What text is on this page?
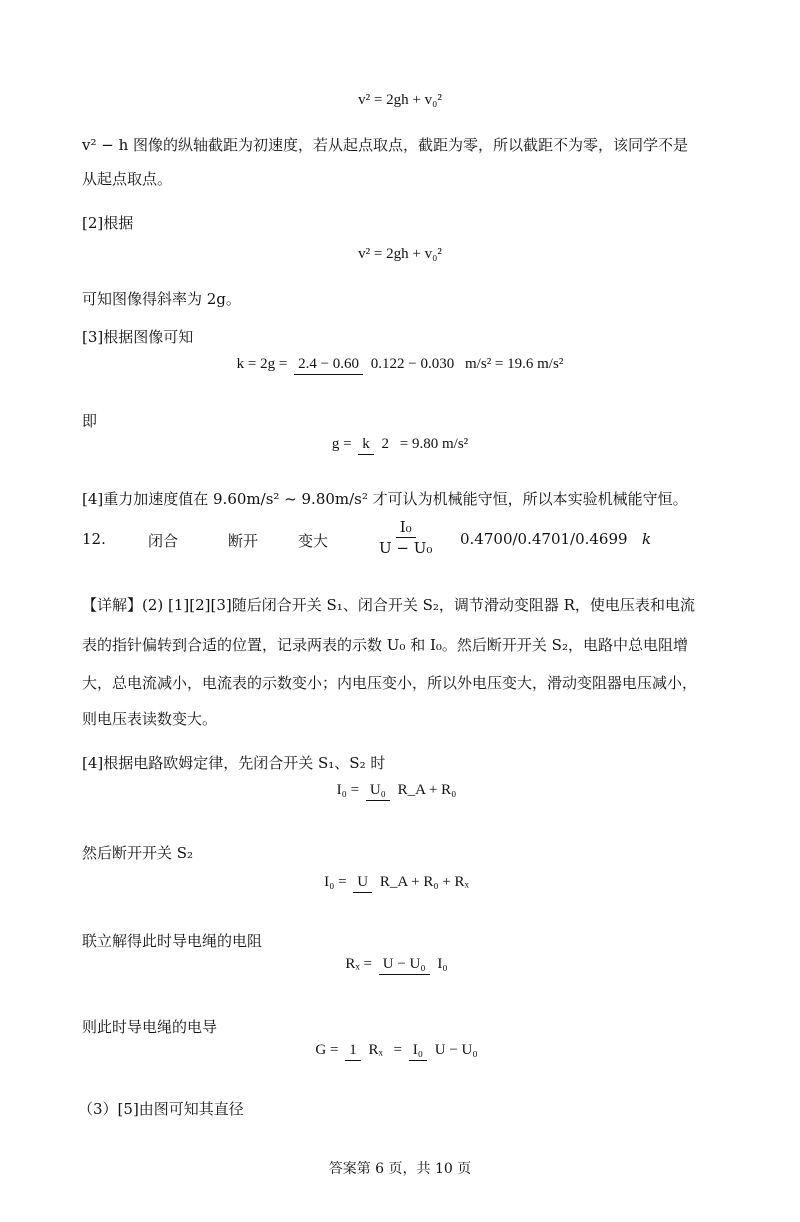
v² = 2gh + v₀²
v² − h 图像的纵轴截距为初速度，若从起点取点，截距为零，所以截距不为零，该同学不是
从起点取点。
[2]根据
v² = 2gh + v₀²
可知图像得斜率为 2g。
[3]根据图像可知
k = 2g = 2.4 − 0.60 0.122 − 0.030 m/s² = 19.6 m/s²
即
g = k 2 = 9.80 m/s²
[4]重力加速度值在 9.60m/s² ~ 9.80m/s² 才可认为机械能守恒，所以本实验机械能守恒。
12.	闭合	断开	变大	$\frac{\text{I₀}}{\text{U − U₀}} 0.4700/0.4701/0.4699$ k
【详解】(2) [1][2][3]随后闭合开关 S₁、闭合开关 S₂，调节滑动变阻器 R，使电压表和电流
表的指针偏转到合适的位置，记录两表的示数 U₀ 和 I₀。然后断开开关 S₂，电路中总电阻增
大，总电流减小，电流表的示数变小；内电压变小，所以外电压变大，滑动变阻器电压减小，
则电压表读数变大。
[4]根据电路欧姆定律，先闭合开关 S₁、S₂ 时
I₀ = U₀ R_A + R₀
然后断开开关 S₂
I₀ = U R_A + R₀ + Rₓ
联立解得此时导电绳的电阻
Rₓ = U − U₀ I₀
则此时导电绳的电导
G = 1 Rₓ = I₀ U − U₀
（3）[5]由图可知其直径
答案第 6 页，共 10 页
